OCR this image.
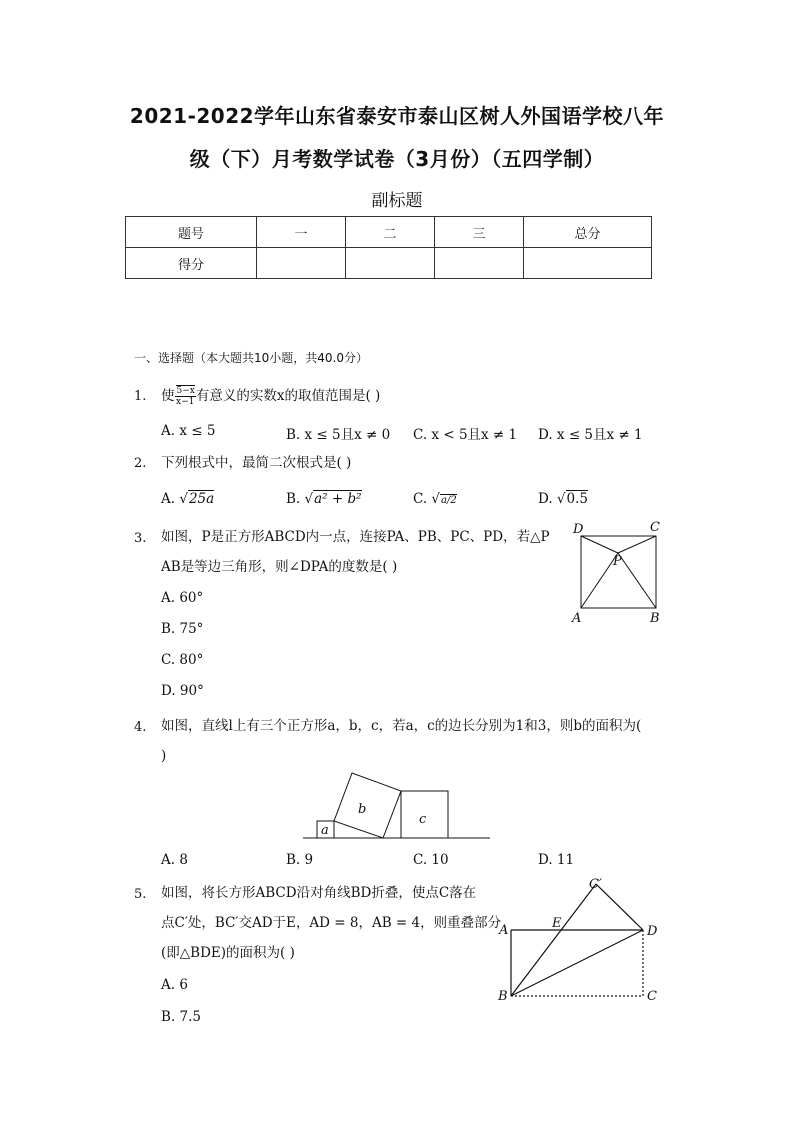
2021-2022学年山东省泰安市泰山区树人外国语学校八年
级（下）月考数学试卷（3月份）（五四学制）
副标题
题号	一	二	三	总分
得分				
一、选择题（本大题共10小题，共40.0分）
1. 使 $\frac{5-x}{x-1}$ 有意义的实数x的取值范围是( )
A. x ≤ 5	B. x ≤ 5且x ≠ 0 C. x < 5且x ≠ 1 D. x ≤ 5且x ≠ 1
2. 下列根式中，最简二次根式是( )
A. √25a	B. √a² + b²	C. √a/2	D. √0.5
3. 如图，P是正方形ABCD内一点，连接PA、PB、PC、PD，若△P
AB是等边三角形，则∠DPA的度数是( )
A. 60°
B. 75°
C. 80°
D. 90°
D	C
P
A	B
4. 如图，直线l上有三个正方形a，b，c，若a，c的边长分别为1和3，则b的面积为(
)
a
b
c
A. 8	B. 9	C. 10	D. 11
5. 如图，将长方形ABCD沿对角线BD折叠，使点C落在
点C′处，BC′交AD于E，AD = 8，AB = 4，则重叠部分
(即△BDE)的面积为( )
A. 6
B. 7.5
C′
A	E
D
B	C
